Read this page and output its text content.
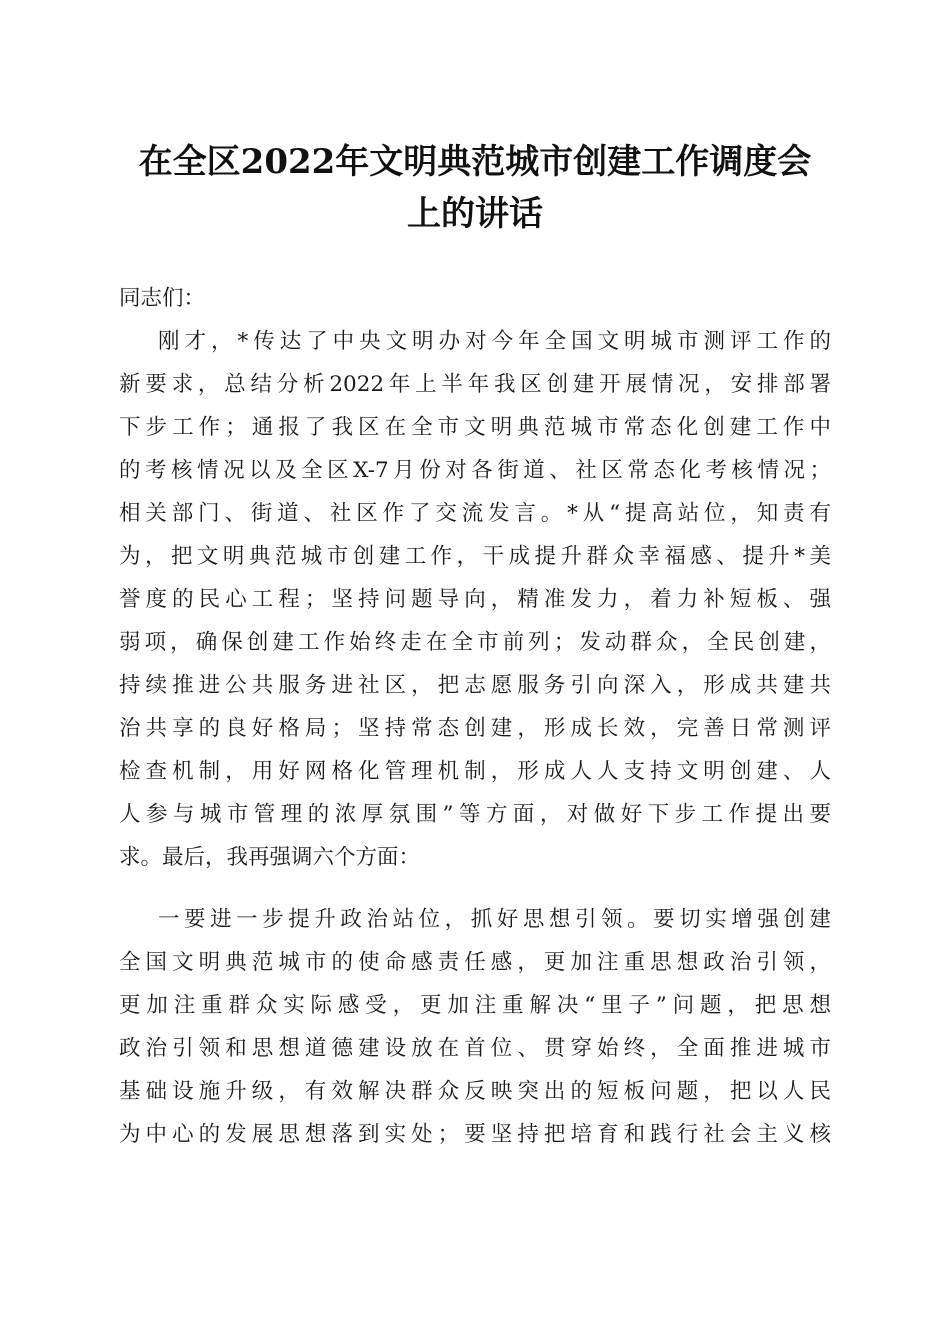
在全区2022年文明典范城市创建工作调度会
上的讲话
同志们：
刚才，*传达了中央文明办对今年全国文明城市测评工作的
新要求，总结分析2022年上半年我区创建开展情况，安排部署
下步工作；通报了我区在全市文明典范城市常态化创建工作中
的考核情况以及全区X-7月份对各街道、社区常态化考核情况；
相关部门、街道、社区作了交流发言。*从“提高站位，知责有
为，把文明典范城市创建工作，干成提升群众幸福感、提升*美
誉度的民心工程；坚持问题导向，精准发力，着力补短板、强
弱项，确保创建工作始终走在全市前列；发动群众，全民创建，
持续推进公共服务进社区，把志愿服务引向深入，形成共建共
治共享的良好格局；坚持常态创建，形成长效，完善日常测评
检查机制，用好网格化管理机制，形成人人支持文明创建、人
人参与城市管理的浓厚氛围”等方面，对做好下步工作提出要
求。最后，我再强调六个方面：
一要进一步提升政治站位，抓好思想引领。要切实增强创建
全国文明典范城市的使命感责任感，更加注重思想政治引领，
更加注重群众实际感受，更加注重解决“里子”问题，把思想
政治引领和思想道德建设放在首位、贯穿始终，全面推进城市
基础设施升级，有效解决群众反映突出的短板问题，把以人民
为中心的发展思想落到实处；要坚持把培育和践行社会主义核
